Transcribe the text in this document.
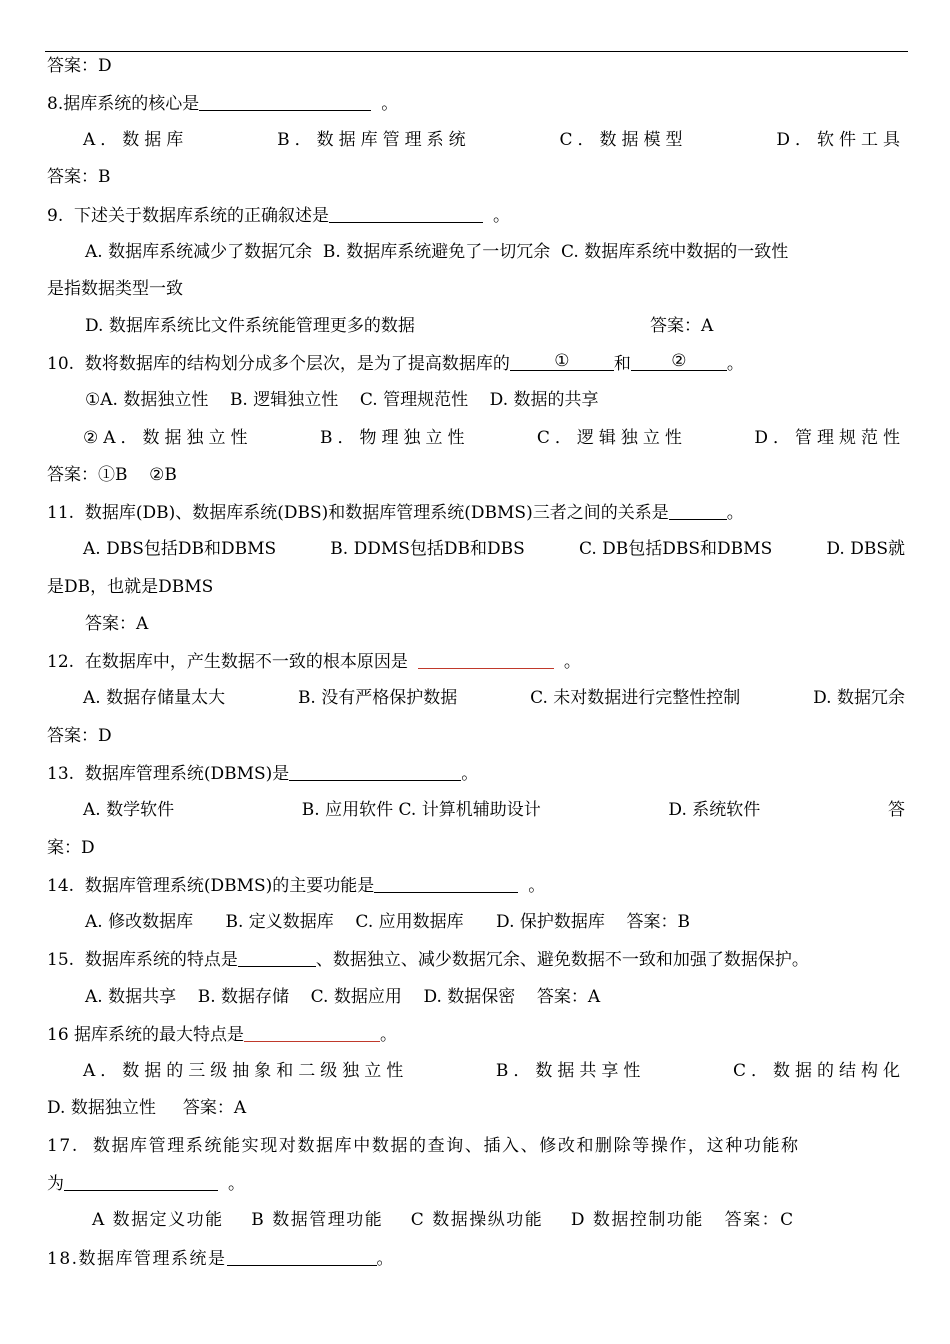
答案：D
8.据库系统的核心是	。
A．数据库	B．数据库管理系统	C．数据模型	D．软件工具
答案：B
9.  下述关于数据库系统的正确叙述是	。
A. 数据库系统减少了数据冗余  B. 数据库系统避免了一切冗余  C. 数据库系统中数据的一致性
是指数据类型一致
D. 数据库系统比文件系统能管理更多的数据	答案：A
10.  数将数据库的结构划分成多个层次，是为了提高数据库的	①	和	②	。
①A. 数据独立性    B. 逻辑独立性    C. 管理规范性    D. 数据的共享
②A．数据独立性	B．物理独立性	C．逻辑独立性	D．管理规范性
答案：①B    ②B
11.  数据库(DB)、数据库系统(DBS)和数据库管理系统(DBMS)三者之间的关系是	。
A. DBS包括DB和DBMS	B. DDMS包括DB和DBS	C. DB包括DBS和DBMS	D. DBS就
是DB，也就是DBMS
答案：A
12.  在数据库中，产生数据不一致的根本原因是	。
A. 数据存储量太大	B. 没有严格保护数据	C. 未对数据进行完整性控制	D. 数据冗余
答案：D
13.  数据库管理系统(DBMS)是	。
A. 数学软件	B. 应用软件 C. 计算机辅助设计	D. 系统软件	答
案：D
14.  数据库管理系统(DBMS)的主要功能是	。
A. 修改数据库      B. 定义数据库    C. 应用数据库      D. 保护数据库    答案：B
15.  数据库系统的特点是	、数据独立、减少数据冗余、避免数据不一致和加强了数据保护。
A. 数据共享    B. 数据存储    C. 数据应用    D. 数据保密    答案：A
16 据库系统的最大特点是	。
A．数据的三级抽象和二级独立性	B．数据共享性	C．数据的结构化
D. 数据独立性     答案：A
17.  数据库管理系统能实现对数据库中数据的查询、插入、修改和删除等操作，这种功能称
为	。
A 数据定义功能    B 数据管理功能    C 数据操纵功能    D 数据控制功能   答案：C
18.数据库管理系统是	。
